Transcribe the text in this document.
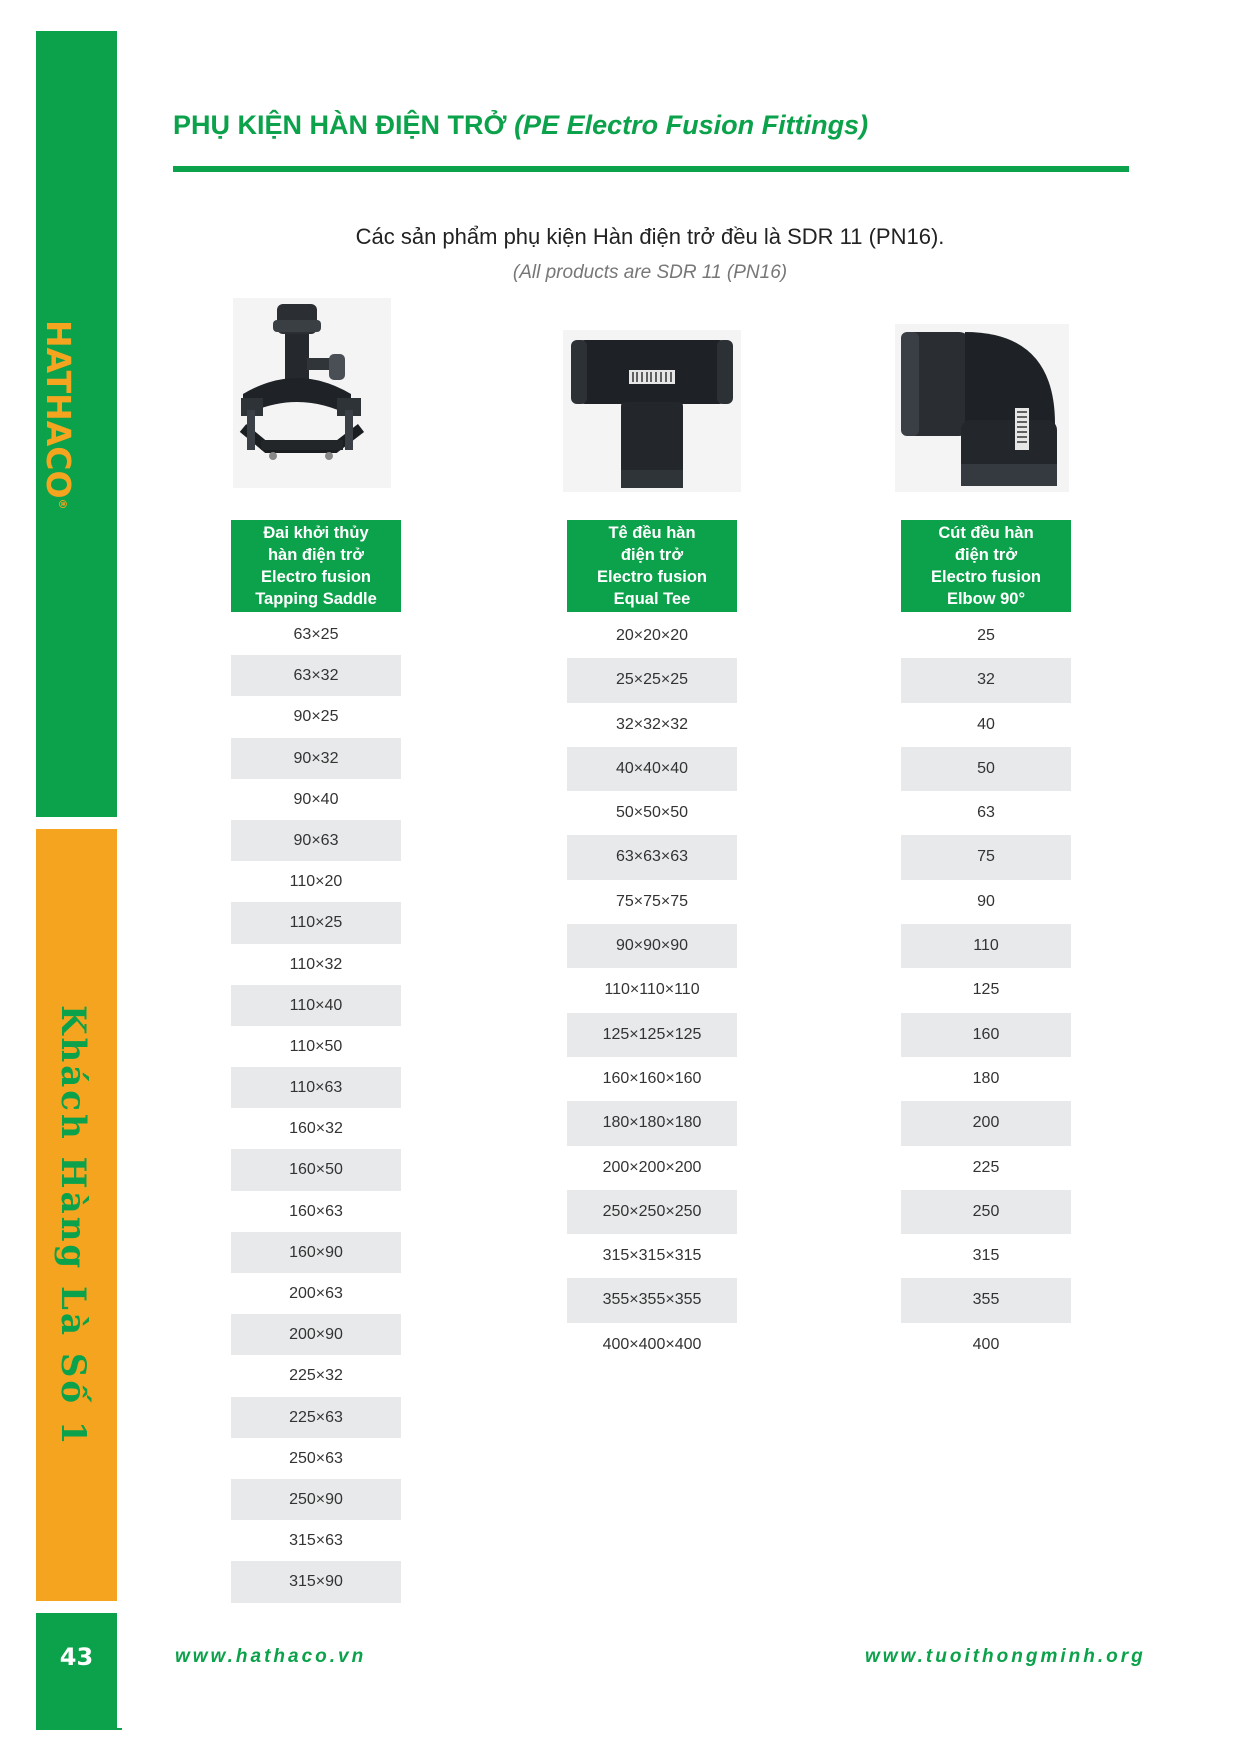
HATHACO®
Khách Hàng Là Số 1
43
PHỤ KIỆN HÀN ĐIỆN TRỞ (PE Electro Fusion Fittings)
Các sản phẩm phụ kiện Hàn điện trở đều là SDR 11 (PN16).
(All products are SDR 11 (PN16)
Đai khởi thủy
hàn điện trở
Electro fusion
Tapping Saddle
63×25
63×32
90×25
90×32
90×40
90×63
110×20
110×25
110×32
110×40
110×50
110×63
160×32
160×50
160×63
160×90
200×63
200×90
225×32
225×63
250×63
250×90
315×63
315×90
Tê đều hàn
điện trở
Electro fusion
Equal Tee
20×20×20
25×25×25
32×32×32
40×40×40
50×50×50
63×63×63
75×75×75
90×90×90
110×110×110
125×125×125
160×160×160
180×180×180
200×200×200
250×250×250
315×315×315
355×355×355
400×400×400
Cút đều hàn
điện trở
Electro fusion
Elbow 90°
25
32
40
50
63
75
90
110
125
160
180
200
225
250
315
355
400
www.hathaco.vn	www.tuoithongminh.org
